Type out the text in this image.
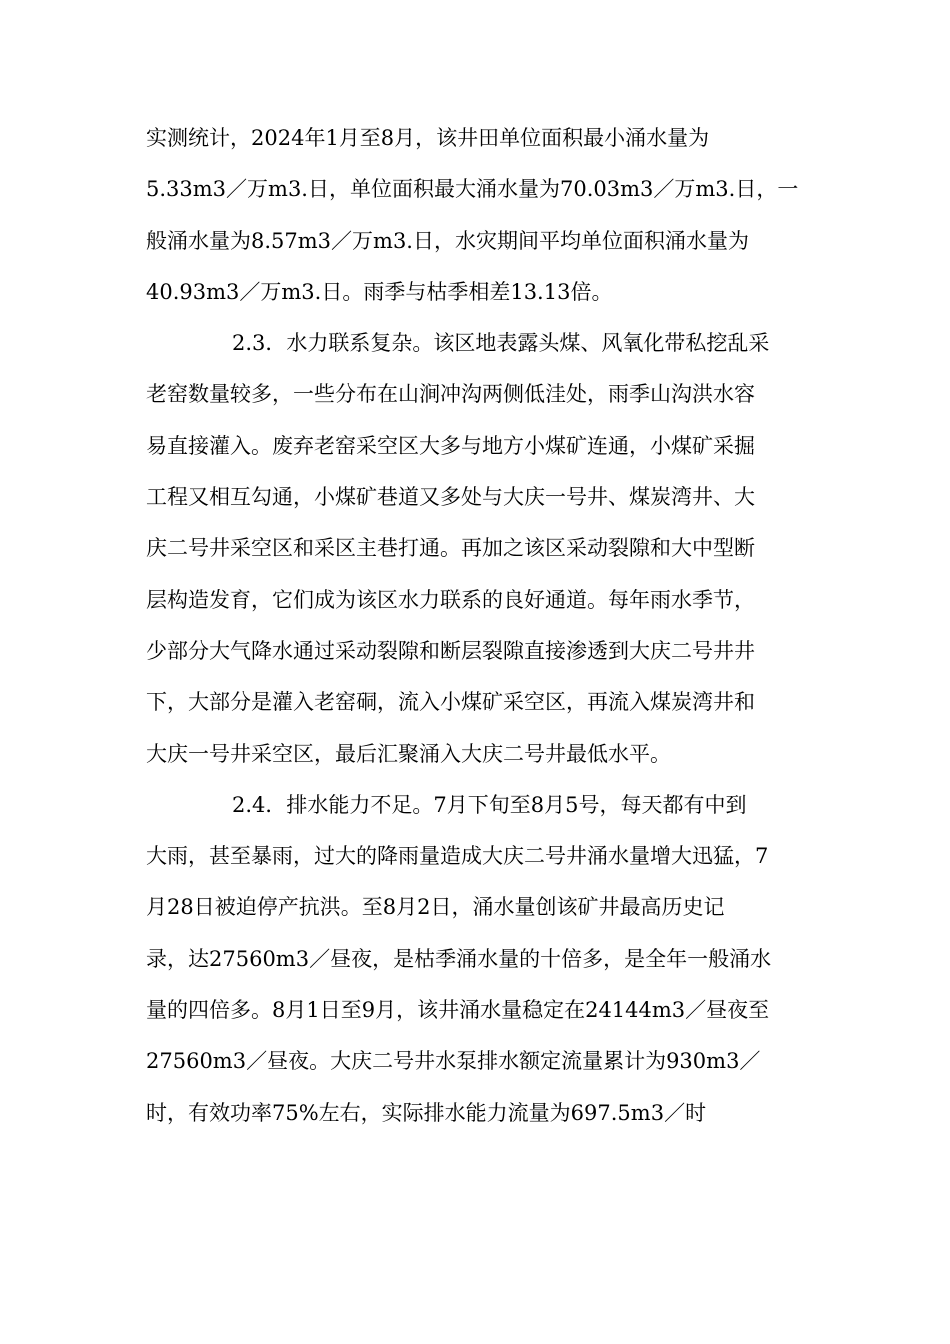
实测统计，2024年1月至8月，该井田单位面积最小涌水量为
5.33m3／万m3.日，单位面积最大涌水量为70.03m3／万m3.日，一
般涌水量为8.57m3／万m3.日，水灾期间平均单位面积涌水量为
40.93m3／万m3.日。雨季与枯季相差13.13倍。
2.3．水力联系复杂。该区地表露头煤、风氧化带私挖乱采
老窑数量较多，一些分布在山涧冲沟两侧低洼处，雨季山沟洪水容
易直接灌入。废弃老窑采空区大多与地方小煤矿连通，小煤矿采掘
工程又相互勾通，小煤矿巷道又多处与大庆一号井、煤炭湾井、大
庆二号井采空区和采区主巷打通。再加之该区采动裂隙和大中型断
层构造发育，它们成为该区水力联系的良好通道。每年雨水季节，
少部分大气降水通过采动裂隙和断层裂隙直接渗透到大庆二号井井
下，大部分是灌入老窑硐，流入小煤矿采空区，再流入煤炭湾井和
大庆一号井采空区，最后汇聚涌入大庆二号井最低水平。
2.4．排水能力不足。7月下旬至8月5号，每天都有中到
大雨，甚至暴雨，过大的降雨量造成大庆二号井涌水量增大迅猛，7
月28日被迫停产抗洪。至8月2日，涌水量创该矿井最高历史记
录，达27560m3／昼夜，是枯季涌水量的十倍多，是全年一般涌水
量的四倍多。8月1日至9月，该井涌水量稳定在24144m3／昼夜至
27560m3／昼夜。大庆二号井水泵排水额定流量累计为930m3／
时，有效功率75%左右，实际排水能力流量为697.5m3／时
